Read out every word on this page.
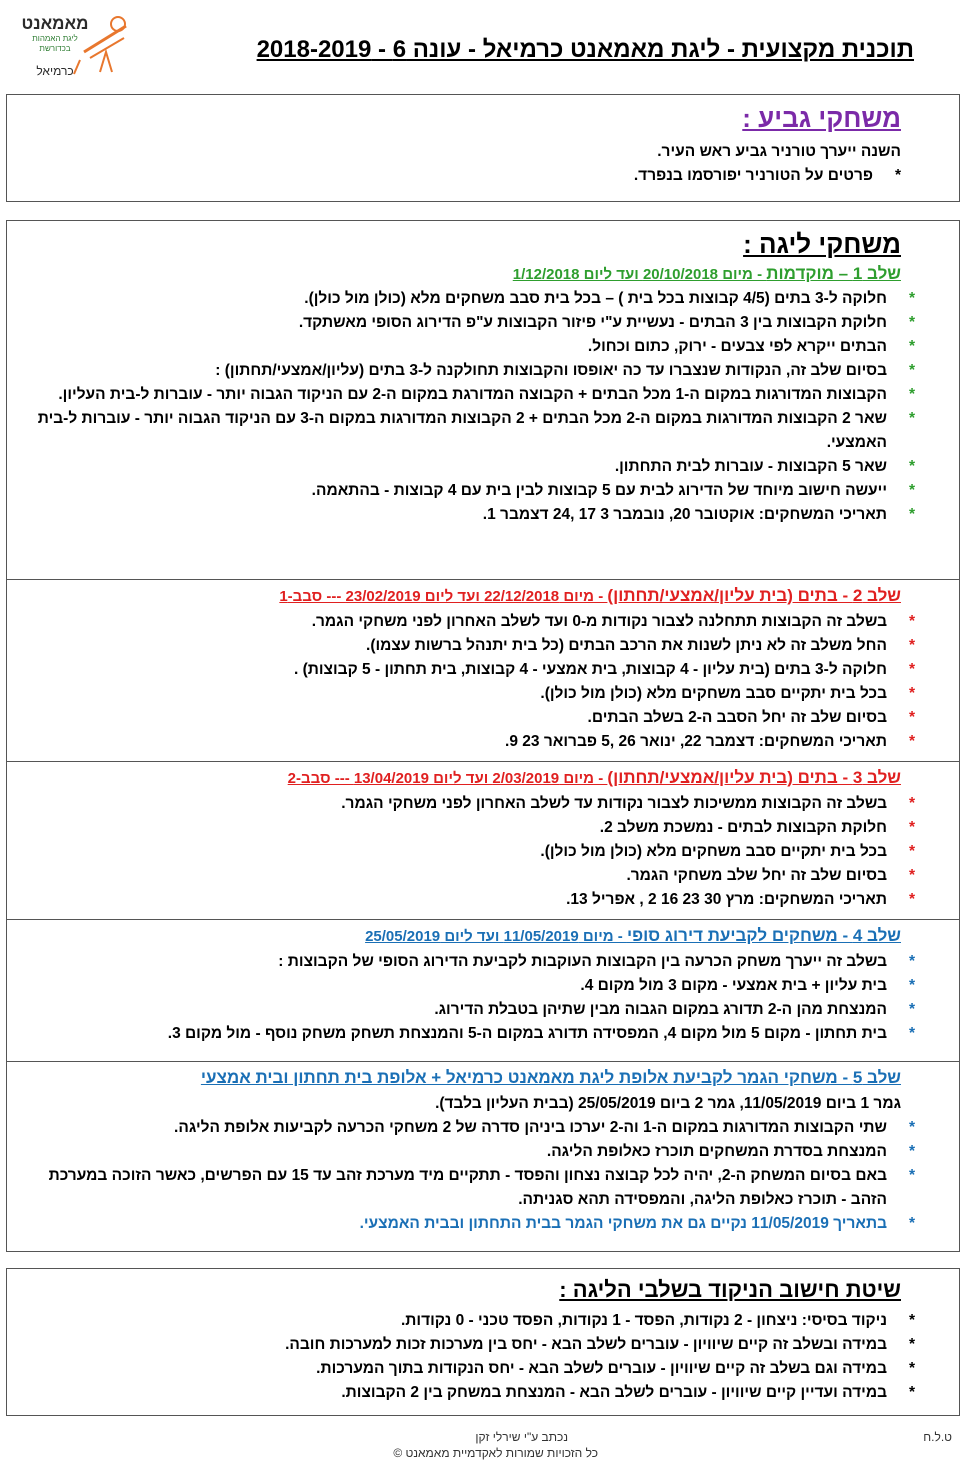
מאמאנט
ליגת האמהות בכדורשת
כרמיאל
תוכנית מקצועית - ליגת מאמאנט כרמיאל - עונה 6 - 2018-2019
משחקי גביע :
השנה ייערך טורניר גביע ראש העיר.
*
פרטים על הטורניר יפורסמו בנפרד.
משחקי ליגה :
שלב 1 – מוקדמות - מיום 20/10/2018 ועד ליום 1/12/2018
*
חלוקה ל-3 בתים (4/5 קבוצות בכל בית ) – בכל בית סבב משחקים מלא (כולן מול כולן).
*
חלוקת הקבוצות בין 3 הבתים - נעשיית ע"י פיזור הקבוצות ע"פ הדירוג הסופי מאשתקד.
*
הבתים ייקרא לפי צבעים - ירוק, כתום וכחול.
*
בסיום שלב זה, הנקודות שנצברו עד כה יאופסו והקבוצות תחולקנה ל-3 בתים (עליון/אמצעי/תחתון) :
*
הקבוצות המדורגות במקום ה-1 מכל הבתים + הקבוצה המדורגת במקום ה-2 עם הניקוד הגבוה יותר - עוברות ל-בית העליון.
*
שאר 2 הקבוצות המדורגות במקום ה-2 מכל הבתים + 2 הקבוצות המדורגות במקום ה-3 עם הניקוד הגבוה יותר - עוברות ל-בית האמצעי.
*
שאר 5 הקבוצות - עוברות לבית התחתון.
*
ייעשה חישוב מיוחד של הדירוג לבית עם 5 קבוצות לבין בית עם 4 קבוצות - בהתאמה.
*
תאריכי המשחקים: אוקטובר 20, נובמבר 3 17 ,24 דצמבר 1.
שלב 2 - בתים (בית עליון/אמצעי/תחתון) - מיום 22/12/2018 ועד ליום 23/02/2019 --- סבב-1
*
בשלב זה הקבוצות תתחלנה לצבור נקודות מ-0 ועד לשלב האחרון לפני משחקי הגמר.
*
החל משלב זה לא ניתן לשנות את הרכב הבתים (כל בית יתנהל ברשות עצמו).
*
חלוקה ל-3 בתים (בית עליון - 4 קבוצות, בית אמצעי - 4 קבוצות, בית תחתון - 5 קבוצות) .
*
בכל בית יתקיים סבב משחקים מלא (כולן מול כולן).
*
בסיום שלב זה יחל הסבב ה-2 בשלב הבתים.
*
תאריכי המשחקים: דצמבר 22, ינואר 26 ,5 פברואר 23 9.
שלב 3 - בתים (בית עליון/אמצעי/תחתון) - מיום 2/03/2019 ועד ליום 13/04/2019 --- סבב-2
*
בשלב זה הקבוצות ממשיכות לצבור נקודות עד לשלב האחרון לפני משחקי הגמר.
*
חלוקת הקבוצות לבתים - נמשכת משלב 2.
*
בכל בית יתקיים סבב משחקים מלא (כולן מול כולן).
*
בסיום שלב זה יחל שלב משחקי הגמר.
*
תאריכי המשחקים: מרץ 30 23 16 2 , אפריל 13.
שלב 4 - משחקים לקביעת דירוג סופי - מיום 11/05/2019 ועד ליום 25/05/2019
*
בשלב זה ייערך משחק הכרעה בין הקבוצות העוקבות לקביעת הדירוג הסופי של הקבוצות :
*
בית עליון + בית אמצעי - מקום 3 מול מקום 4.
*
המנצחת מהן ה-2 תדורג במקום הגבוה מבין שתיהן בטבלת הדירוג.
*
בית תחתון - מקום 5 מול מקום 4, המפסידה תדורג במקום ה-5 והמנצחת תשחק משחק נוסף - מול מקום 3.
שלב 5 - משחקי הגמר לקביעת אלופת ליגת מאמאנט כרמיאל + אלופת בית תחתון ובית אמצעי
גמר 1 ביום 11/05/2019, גמר 2 ביום 25/05/2019 (בבית העליון בלבד).
*
שתי הקבוצות המדורגות במקום ה-1 וה-2 יערכו ביניהן סדרה של 2 משחקי הכרעה לקביעות אלופת הליגה.
*
המנצחת בסדרת המשחקים תוכרז כאלופת הליגה.
*
באם בסיום המשחק ה-2, יהיה לכל קבוצה נצחון והפסד - תתקיים מיד מערכת זהב עד 15 עם הפרשים, כאשר הזוכה במערכת הזהב - תוכרז כאלופת הליגה, והמפסידה תהא סגניתה.
*
בתאריך 11/05/2019 נקיים גם את משחקי הגמר בבית התחתון ובבית האמצעי.
שיטת חישוב הניקוד בשלבי הליגה :
*
ניקוד בסיסי: ניצחון - 2 נקודות, הפסד - 1 נקודות, הפסד טכני - 0 נקודות.
*
במידה ובשלב זה קיים שיוויון - עוברים לשלב הבא - יחס בין מערכות זכות למערכות חובה.
*
במידה וגם בשלב זה קיים שיוויון - עוברים לשלב הבא - יחס הנקודות בתוך המערכות.
*
במידה ועדיין קיים שיוויון - עוברים לשלב הבא - המנצחת במשחק בין 2 הקבוצות.
נכתב ע"י שירלי זקן
כל הזכויות שמורות לאקדמיית מאמאנט ©
ט.ל.ח
